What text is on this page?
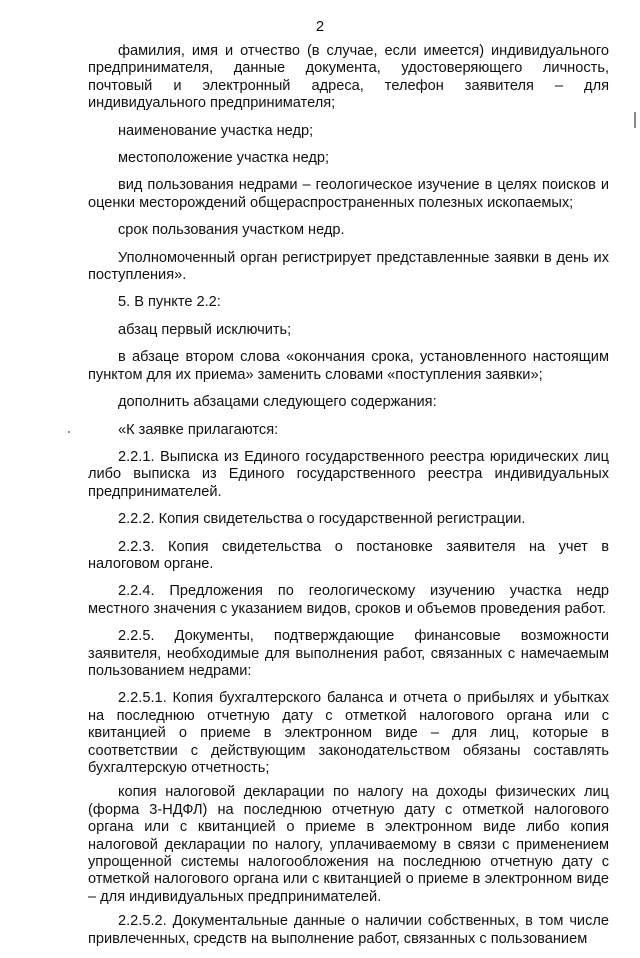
2

фамилия, имя и отчество (в случае, если имеется) индивидуального предпринимателя, данные документа, удостоверяющего личность, почтовый и электронный адреса, телефон заявителя – для индивидуального предпринимателя;

наименование участка недр;

местоположение участка недр;

вид пользования недрами – геологическое изучение в целях поисков и оценки месторождений общераспространенных полезных ископаемых;

срок пользования участком недр.

Уполномоченный орган регистрирует представленные заявки в день их поступления».

5. В пункте 2.2:

абзац первый исключить;

в абзаце втором слова «окончания срока, установленного настоящим пунктом для их приема» заменить словами «поступления заявки»;

дополнить абзацами следующего содержания:

«К заявке прилагаются:

2.2.1. Выписка из Единого государственного реестра юридических лиц либо выписка из Единого государственного реестра индивидуальных предпринимателей.

2.2.2. Копия свидетельства о государственной регистрации.

2.2.3. Копия свидетельства о постановке заявителя на учет в налоговом органе.

2.2.4. Предложения по геологическому изучению участка недр местного значения с указанием видов, сроков и объемов проведения работ.

2.2.5. Документы, подтверждающие финансовые возможности заявителя, необходимые для выполнения работ, связанных с намечаемым пользованием недрами:

2.2.5.1. Копия бухгалтерского баланса и отчета о прибылях и убытках на последнюю отчетную дату с отметкой налогового органа или с квитанцией о приеме в электронном виде – для лиц, которые в соответствии с действующим законодательством обязаны составлять бухгалтерскую отчетность;

копия налоговой декларации по налогу на доходы физических лиц (форма 3-НДФЛ) на последнюю отчетную дату с отметкой налогового органа или с квитанцией о приеме в электронном виде либо копия налоговой декларации по налогу, уплачиваемому в связи с применением упрощенной системы налогообложения на последнюю отчетную дату с отметкой налогового органа или с квитанцией о приеме в электронном виде – для индивидуальных предпринимателей.

2.2.5.2. Документальные данные о наличии собственных, в том числе привлеченных, средств на выполнение работ, связанных с пользованием
